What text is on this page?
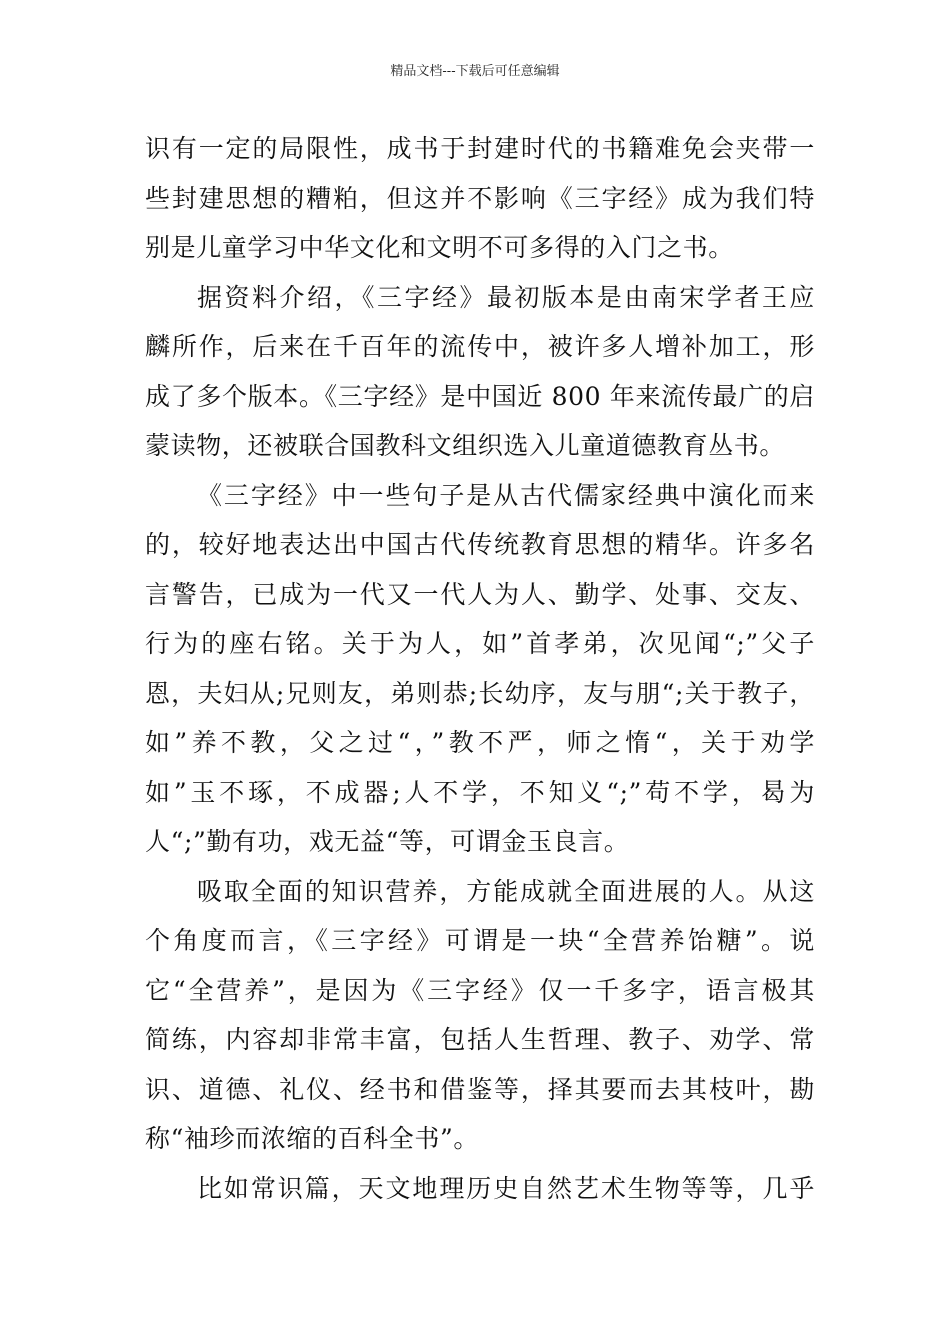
精品文档---下载后可任意编辑
识有一定的局限性，成书于封建时代的书籍难免会夹带一
些封建思想的糟粕，但这并不影响《三字经》成为我们特
别是儿童学习中华文化和文明不可多得的入门之书。
据资料介绍，《三字经》最初版本是由南宋学者王应
麟所作，后来在千百年的流传中，被许多人增补加工，形
成了多个版本。《三字经》是中国近 800 年来流传最广的启
蒙读物，还被联合国教科文组织选入儿童道德教育丛书。
《三字经》中一些句子是从古代儒家经典中演化而来
的，较好地表达出中国古代传统教育思想的精华。许多名
言警告，已成为一代又一代人为人、勤学、处事、交友、
行为的座右铭。关于为人，如”首孝弟，次见闻“;”父子
恩，夫妇从;兄则友，弟则恭;长幼序，友与朋“;关于教子，
如”养不教，父之过“，”教不严，师之惰“，关于劝学
如”玉不琢，不成器;人不学，不知义“;”苟不学，曷为
人“;”勤有功，戏无益“等，可谓金玉良言。
吸取全面的知识营养，方能成就全面进展的人。从这
个角度而言，《三字经》可谓是一块“全营养饴糖”。说
它“全营养”，是因为《三字经》仅一千多字，语言极其
简练，内容却非常丰富，包括人生哲理、教子、劝学、常
识、道德、礼仪、经书和借鉴等，择其要而去其枝叶，勘
称“袖珍而浓缩的百科全书”。
比如常识篇，天文地理历史自然艺术生物等等，几乎
